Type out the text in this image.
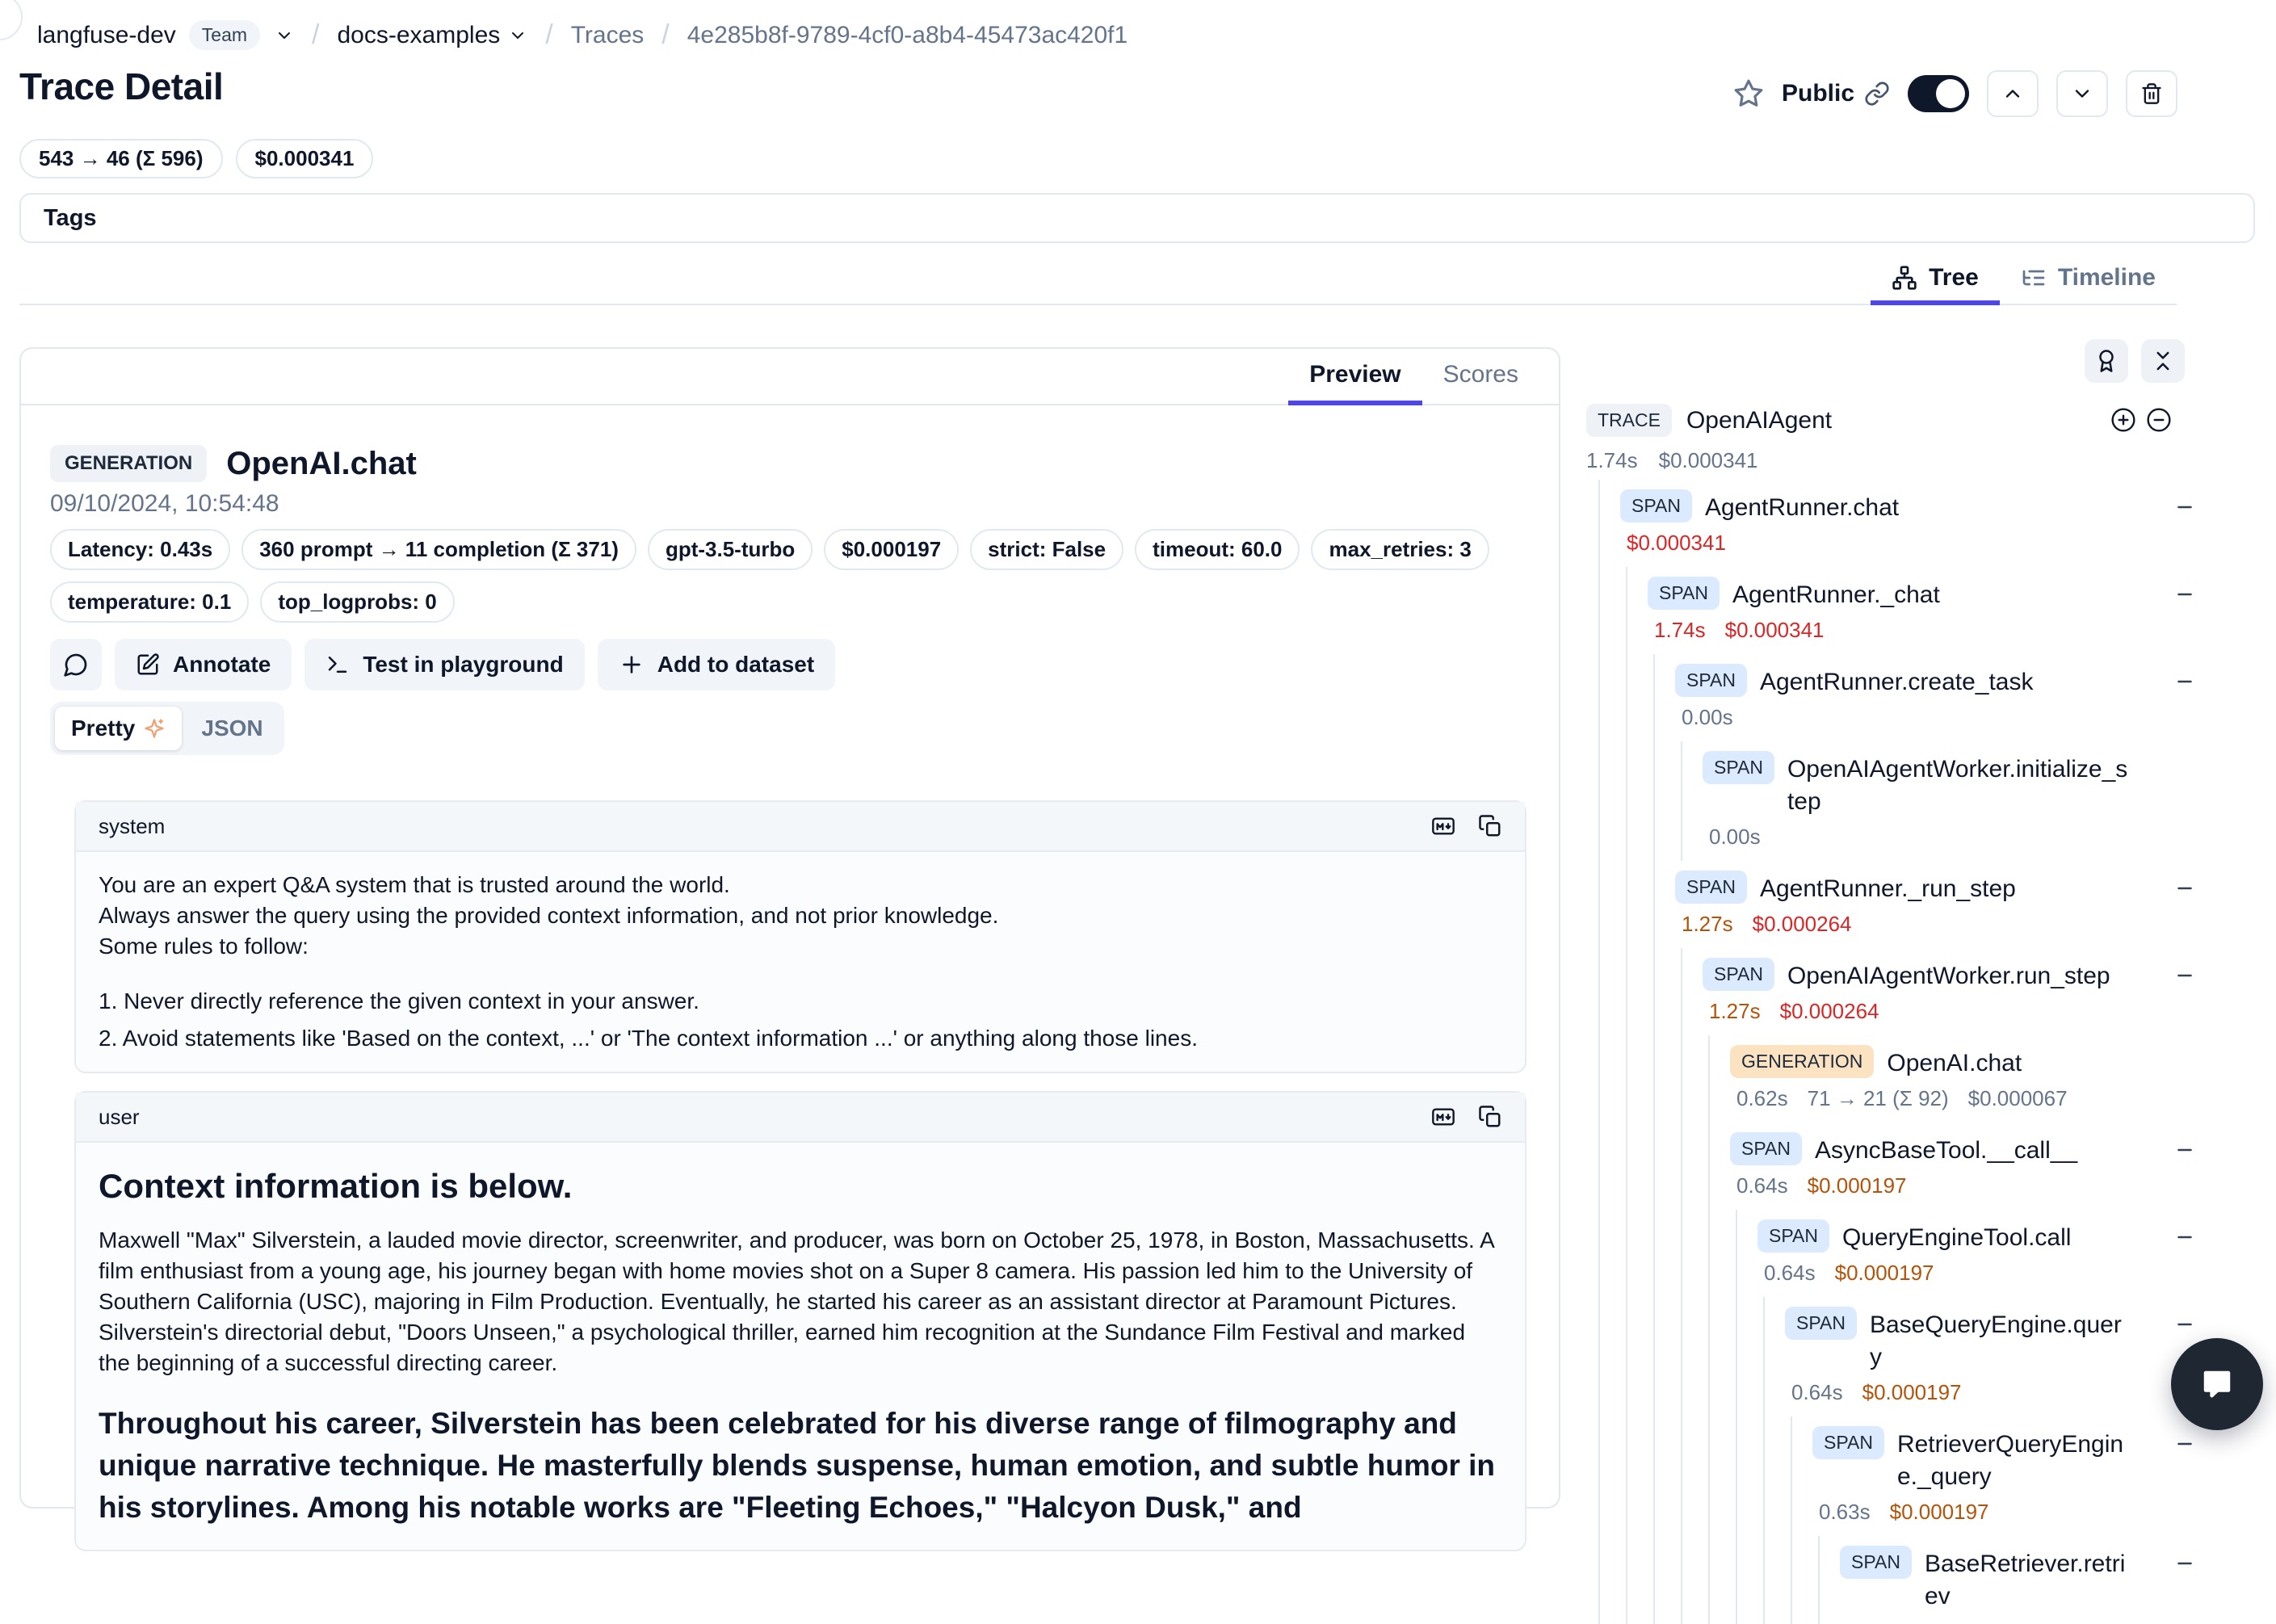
langfuse-dev	Team	/ docs-examples / Traces / 4e285b8f-9789-4cf0-a8b4-45473ac420f1
Trace Detail	Public
543 → 46 (Σ 596)	$0.000341
Tags
Tree	Timeline
Preview	Scores
GENERATION	OpenAI.chat
09/10/2024, 10:54:48
Latency: 0.43s	360 prompt → 11 completion (Σ 371)	gpt-3.5-turbo	$0.000197	strict: False	timeout: 60.0	max_retries: 3
temperature: 0.1	top_logprobs: 0
Annotate	Test in playground	Add to dataset
Pretty	JSON
system
You are an expert Q&A system that is trusted around the world.
Always answer the query using the provided context information, and not prior knowledge.
Some rules to follow:
1. Never directly reference the given context in your answer.
2. Avoid statements like 'Based on the context, ...' or 'The context information ...' or anything along those lines.
user
Context information is below.
Maxwell "Max" Silverstein, a lauded movie director, screenwriter, and producer, was born on October 25, 1978, in Boston, Massachusetts. A film enthusiast from a young age, his journey began with home movies shot on a Super 8 camera. His passion led him to the University of Southern California (USC), majoring in Film Production. Eventually, he started his career as an assistant director at Paramount Pictures. Silverstein's directorial debut, "Doors Unseen," a psychological thriller, earned him recognition at the Sundance Film Festival and marked the beginning of a successful directing career.
Throughout his career, Silverstein has been celebrated for his diverse range of filmography and unique narrative technique. He masterfully blends suspense, human emotion, and subtle humor in his storylines. Among his notable works are "Fleeting Echoes," "Halcyon Dusk," and
TRACE	OpenAIAgent
1.74s $0.000341
SPAN	AgentRunner.chat
$0.000341
SPAN	AgentRunner._chat
1.74s $0.000341
SPAN	AgentRunner.create_task
0.00s
SPAN	OpenAIAgentWorker.initialize_step
0.00s
SPAN	AgentRunner._run_step
1.27s $0.000264
SPAN	OpenAIAgentWorker.run_step
1.27s $0.000264
GENERATION	OpenAI.chat
0.62s 71 → 21 (Σ 92) $0.000067
SPAN	AsyncBaseTool.__call__
0.64s $0.000197
SPAN	QueryEngineTool.call
0.64s $0.000197
SPAN	BaseQueryEngine.query
0.64s $0.000197
SPAN	RetrieverQueryEngine._query
0.63s $0.000197
SPAN	BaseRetriever.retriev
